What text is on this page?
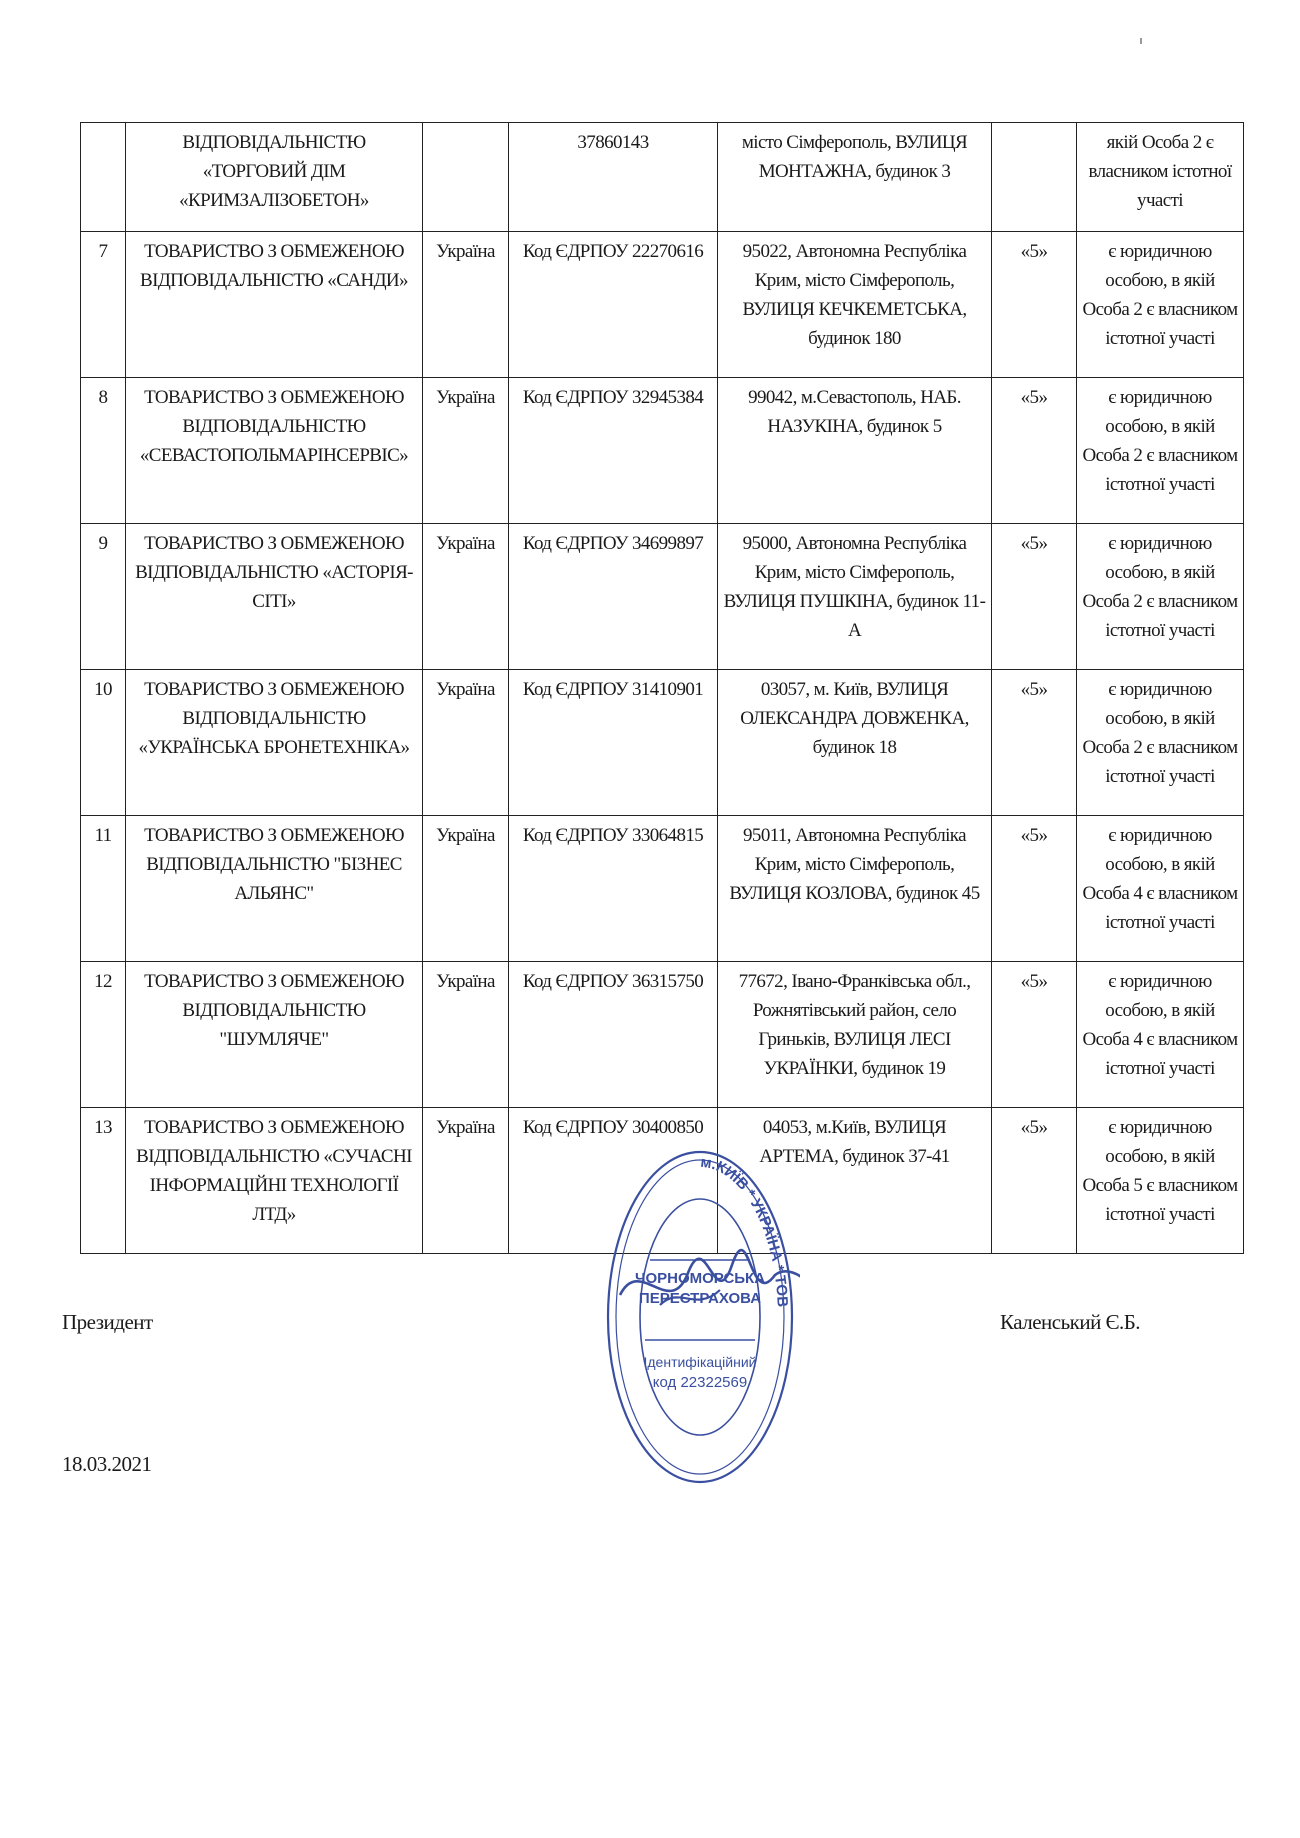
	ВІДПОВІДАЛЬНІСТЮ «ТОРГОВИЙ ДІМ «КРИМЗАЛІЗОБЕТОН»		37860143	місто Сімферополь, ВУЛИЦЯ МОНТАЖНА, будинок 3		якій Особа 2 є власником істотної участі
7	ТОВАРИСТВО З ОБМЕЖЕНОЮ ВІДПОВІДАЛЬНІСТЮ «САНДИ»	Україна	Код ЄДРПОУ 22270616	95022, Автономна Республіка Крим, місто Сімферополь, ВУЛИЦЯ КЕЧКЕМЕТСЬКА, будинок 180	«5»	є юридичною особою, в якій Особа 2 є власником істотної участі
8	ТОВАРИСТВО З ОБМЕЖЕНОЮ ВІДПОВІДАЛЬНІСТЮ «СЕВАСТОПОЛЬМАРІНСЕРВІС»	Україна	Код ЄДРПОУ 32945384	99042, м.Севастополь, НАБ. НАЗУКІНА, будинок 5	«5»	є юридичною особою, в якій Особа 2 є власником істотної участі
9	ТОВАРИСТВО З ОБМЕЖЕНОЮ ВІДПОВІДАЛЬНІСТЮ «АСТОРІЯ-СІТІ»	Україна	Код ЄДРПОУ 34699897	95000, Автономна Республіка Крим, місто Сімферополь, ВУЛИЦЯ ПУШКІНА, будинок 11-А	«5»	є юридичною особою, в якій Особа 2 є власником істотної участі
10	ТОВАРИСТВО З ОБМЕЖЕНОЮ ВІДПОВІДАЛЬНІСТЮ «УКРАЇНСЬКА БРОНЕТЕХНІКА»	Україна	Код ЄДРПОУ 31410901	03057, м. Київ, ВУЛИЦЯ ОЛЕКСАНДРА ДОВЖЕНКА, будинок 18	«5»	є юридичною особою, в якій Особа 2 є власником істотної участі
11	ТОВАРИСТВО З ОБМЕЖЕНОЮ ВІДПОВІДАЛЬНІСТЮ "БІЗНЕС АЛЬЯНС"	Україна	Код ЄДРПОУ 33064815	95011, Автономна Республіка Крим, місто Сімферополь, ВУЛИЦЯ КОЗЛОВА, будинок 45	«5»	є юридичною особою, в якій Особа 4 є власником істотної участі
12	ТОВАРИСТВО З ОБМЕЖЕНОЮ ВІДПОВІДАЛЬНІСТЮ "ШУМЛЯЧЕ"	Україна	Код ЄДРПОУ 36315750	77672, Івано-Франківська обл., Рожнятівський район, село Гриньків, ВУЛИЦЯ ЛЕСІ УКРАЇНКИ, будинок 19	«5»	є юридичною особою, в якій Особа 4 є власником істотної участі
13	ТОВАРИСТВО З ОБМЕЖЕНОЮ ВІДПОВІДАЛЬНІСТЮ «СУЧАСНІ ІНФОРМАЦІЙНІ ТЕХНОЛОГІЇ ЛТД»	Україна	Код ЄДРПОУ 30400850	04053, м.Київ, ВУЛИЦЯ АРТЕМА, будинок 37-41	«5»	є юридичною особою, в якій Особа 5 є власником істотної участі
Президент	Каленський Є.Б.
18.03.2021
м.КИЇВ * УКРАЇНА * ТОВ
ЧОРНОМОРСЬКА
ПЕРЕСТРАХОВА
Ідентифікаційний
код 22322569
